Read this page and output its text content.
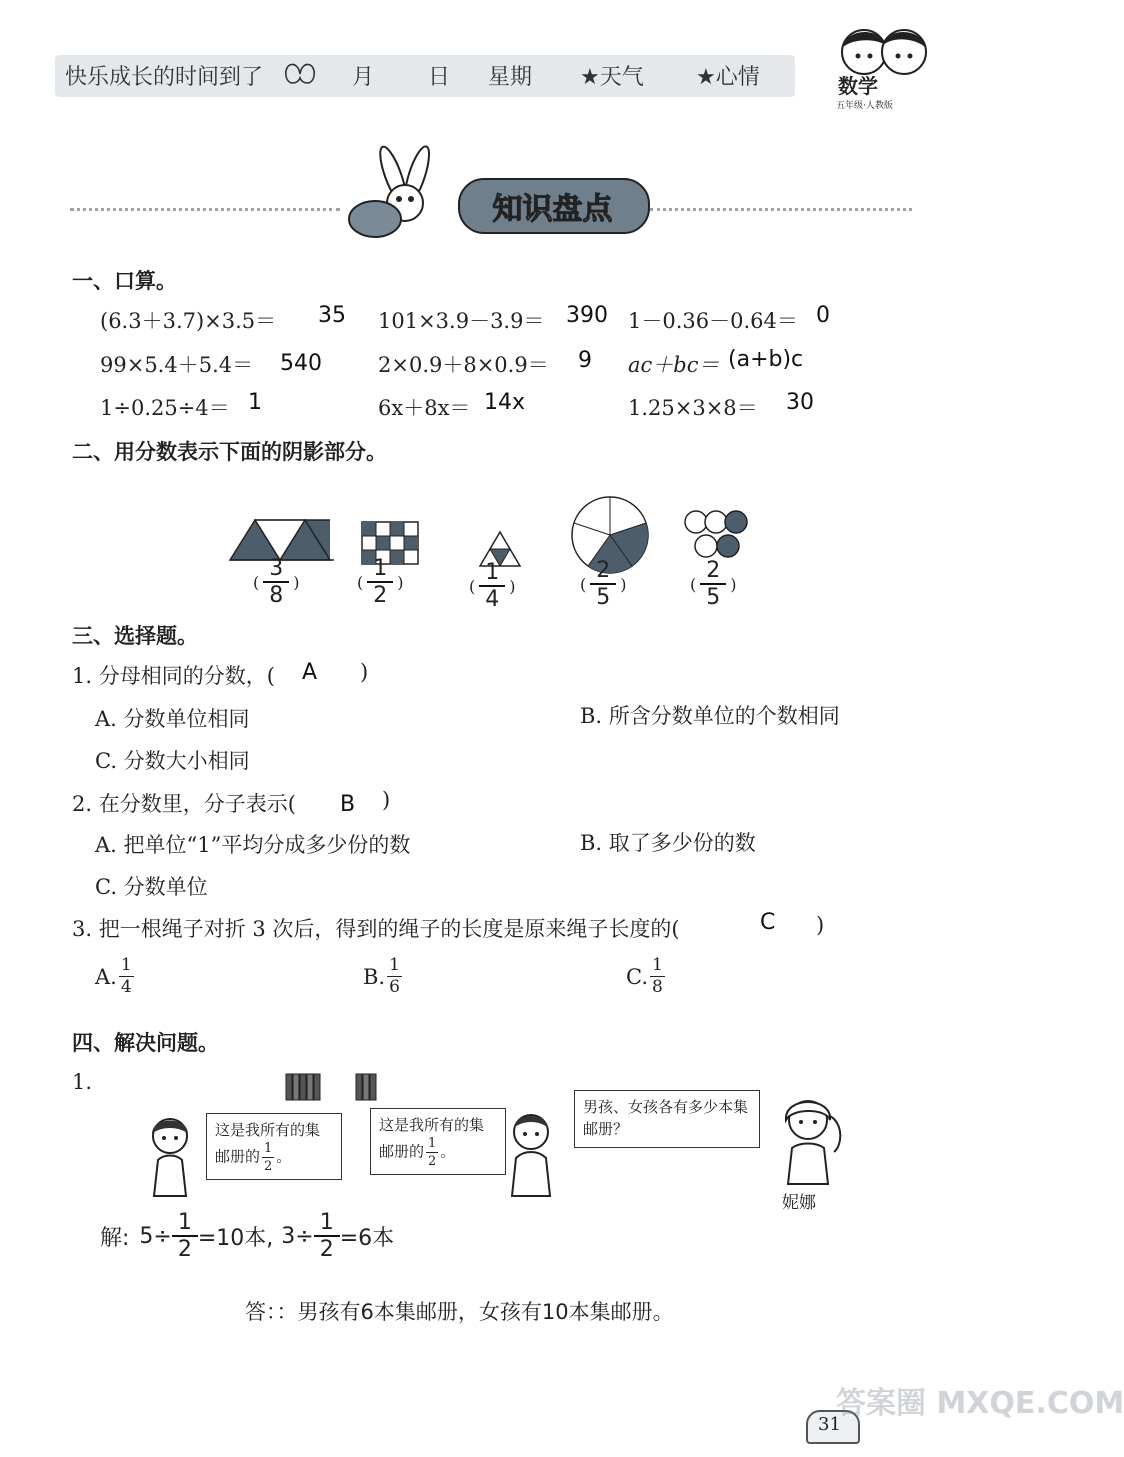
快乐成长的时间到了	月 日 星期 ★天气 ★心情	数学
五年级·人教版
知识盘点
一、口算。
(6.3＋3.7)×3.5＝ 35 101×3.9－3.9＝ 390 1－0.36－0.64＝ 0
99×5.4＋5.4＝ 540	2×0.9＋8×0.9＝ 9 ac＋bc＝ (a+b)c
1÷0.25÷4＝ 1	6x＋8x＝ 14x	1.25×3×8＝ 30
二、用分数表示下面的阴影部分。
( $\frac{3}{8}$ )	( $\frac{1}{2}$ )	( $\frac{1}{4}$ )	( $\frac{2}{5}$ )	( $\frac{2}{5}$ )
三、选择题。
1. 分母相同的分数，( A )
A. 分数单位相同	B. 所含分数单位的个数相同
C. 分数大小相同
2. 在分数里，分子表示( B )
A. 把单位“1”平均分成多少份的数	B. 取了多少份的数
C. 分数单位
3. 把一根绳子对折 3 次后，得到的绳子的长度是原来绳子长度的(	C )
A. $\frac{1}{4}$	B. $\frac{1}{6}$	C. $\frac{1}{8}$
四、解决问题。
1.
这是我所有的集邮册的 $\frac{1}{2}$ 。
这是我所有的集邮册的 $\frac{1}{2}$ 。
男孩、女孩各有多少本集邮册？
妮娜
解: $5\div \frac{1}{2} =10$本, $3\div \frac{1}{2} =6$本
答：：男孩有6本集邮册，女孩有10本集邮册。
31
答案圈 MXQE.COM
